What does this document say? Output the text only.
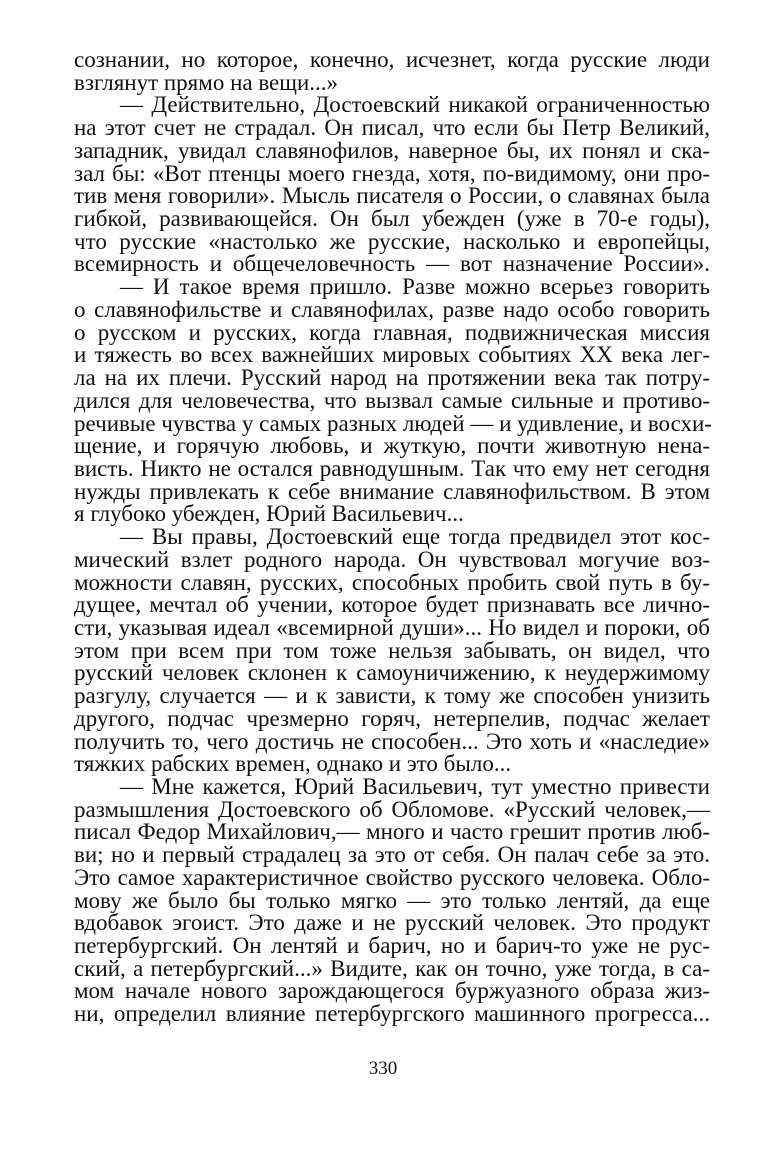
сознании, но которое, конечно, исчезнет, когда русские люди
взглянут прямо на вещи...»
— Действительно, Достоевский никакой ограниченностью
на этот счет не страдал. Он писал, что если бы Петр Великий,
западник, увидал славянофилов, наверное бы, их понял и ска-
зал бы: «Вот птенцы моего гнезда, хотя, по-видимому, они про-
тив меня говорили». Мысль писателя о России, о славянах была
гибкой, развивающейся. Он был убежден (уже в 70-е годы),
что русские «настолько же русские, насколько и европейцы,
всемирность и общечеловечность — вот назначение России».
— И такое время пришло. Разве можно всерьез говорить
о славянофильстве и славянофилах, разве надо особо говорить
о русском и русских, когда главная, подвижническая миссия
и тяжесть во всех важнейших мировых событиях XX века лег-
ла на их плечи. Русский народ на протяжении века так потру-
дился для человечества, что вызвал самые сильные и противо-
речивые чувства у самых разных людей — и удивление, и восхи-
щение, и горячую любовь, и жуткую, почти животную нена-
висть. Никто не остался равнодушным. Так что ему нет сегодня
нужды привлекать к себе внимание славянофильством. В этом
я глубоко убежден, Юрий Васильевич...
— Вы правы, Достоевский еще тогда предвидел этот кос-
мический взлет родного народа. Он чувствовал могучие воз-
можности славян, русских, способных пробить свой путь в бу-
дущее, мечтал об учении, которое будет признавать все лично-
сти, указывая идеал «всемирной души»... Но видел и пороки, об
этом при всем при том тоже нельзя забывать, он видел, что
русский человек склонен к самоуничижению, к неудержимому
разгулу, случается — и к зависти, к тому же способен унизить
другого, подчас чрезмерно горяч, нетерпелив, подчас желает
получить то, чего достичь не способен... Это хоть и «наследие»
тяжких рабских времен, однако и это было...
— Мне кажется, Юрий Васильевич, тут уместно привести
размышления Достоевского об Обломове. «Русский человек,—
писал Федор Михайлович,— много и часто грешит против люб-
ви; но и первый страдалец за это от себя. Он палач себе за это.
Это самое характеристичное свойство русского человека. Обло-
мову же было бы только мягко — это только лентяй, да еще
вдобавок эгоист. Это даже и не русский человек. Это продукт
петербургский. Он лентяй и барич, но и барич-то уже не рус-
ский, а петербургский...» Видите, как он точно, уже тогда, в са-
мом начале нового зарождающегося буржуазного образа жиз-
ни, определил влияние петербургского машинного прогресса...
330
